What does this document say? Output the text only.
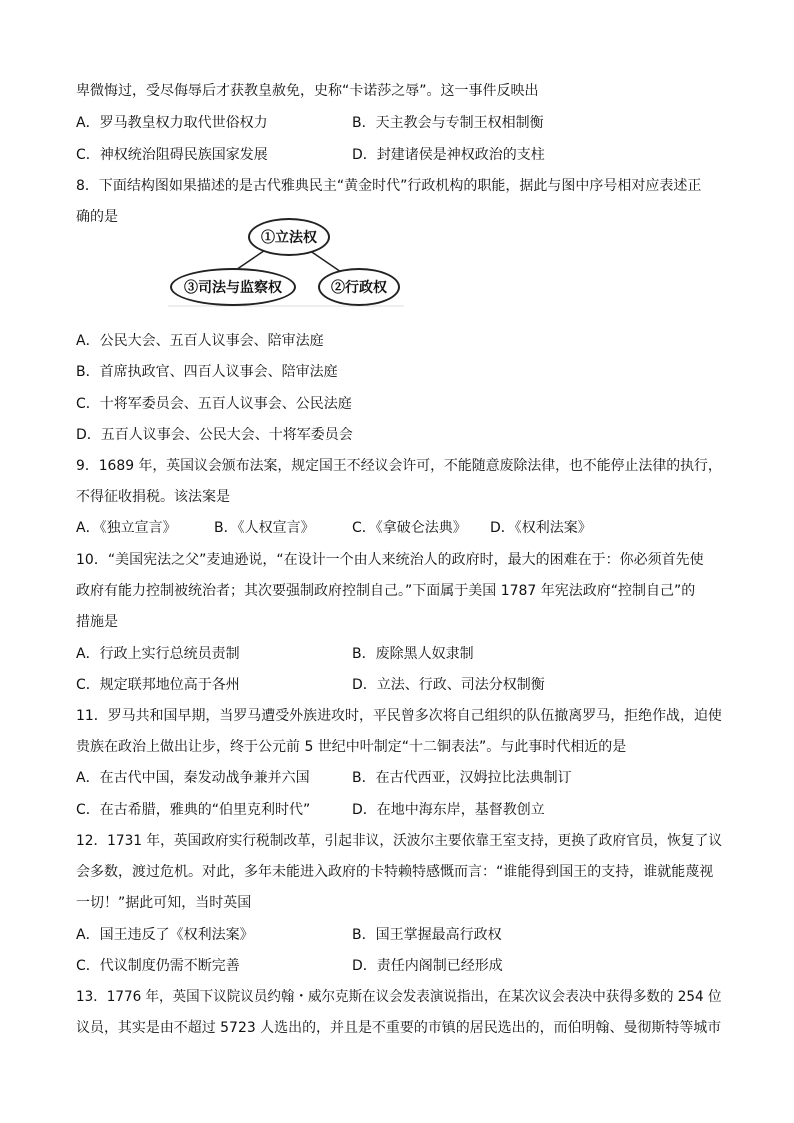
卑微悔过，受尽侮辱后才获教皇赦免，史称“卡诺莎之辱”。这一事件反映出
A．罗马教皇权力取代世俗权力	B．天主教会与专制王权相制衡
C．神权统治阻碍民族国家发展	D．封建诸侯是神权政治的支柱
8．下面结构图如果描述的是古代雅典民主“黄金时代”行政机构的职能，据此与图中序号相对应表述正
确的是
①立法权
③司法与监察权	②行政权
A．公民大会、五百人议事会、陪审法庭
B．首席执政官、四百人议事会、陪审法庭
C．十将军委员会、五百人议事会、公民法庭
D．五百人议事会、公民大会、十将军委员会
9．1689 年，英国议会颁布法案，规定国王不经议会许可，不能随意废除法律，也不能停止法律的执行，
不得征收捐税。该法案是
A．《独立宣言》	B．《人权宣言》	C．《拿破仑法典》 D．《权利法案》
10．“美国宪法之父”麦迪逊说，“在设计一个由人来统治人的政府时，最大的困难在于：你必须首先使
政府有能力控制被统治者；其次要强制政府控制自己。”下面属于美国 1787 年宪法政府“控制自己”的
措施是
A．行政上实行总统员责制	B．废除黑人奴隶制
C．规定联邦地位高于各州	D．立法、行政、司法分权制衡
11．罗马共和国早期，当罗马遭受外族进攻时，平民曾多次将自己组织的队伍撤离罗马，拒绝作战，迫使
贵族在政治上做出让步，终于公元前 5 世纪中叶制定“十二铜表法”。与此事时代相近的是
A．在古代中国，秦发动战争兼并六国	B．在古代西亚，汉姆拉比法典制订
C．在古希腊，雅典的“伯里克利时代”	D．在地中海东岸，基督教创立
12．1731 年，英国政府实行税制改革，引起非议，沃波尔主要依靠王室支持，更换了政府官员，恢复了议
会多数，渡过危机。对此，多年未能进入政府的卡特赖特感慨而言：“谁能得到国王的支持，谁就能蔑视
一切！”据此可知，当时英国
A．国王违反了《权利法案》	B．国王掌握最高行政权
C．代议制度仍需不断完善	D．责任内阁制已经形成
13．1776 年，英国下议院议员约翰・威尔克斯在议会发表演说指出，在某次议会表决中获得多数的 254 位
议员，其实是由不超过 5723 人选出的，并且是不重要的市镇的居民选出的，而伯明翰、曼彻斯特等城市
